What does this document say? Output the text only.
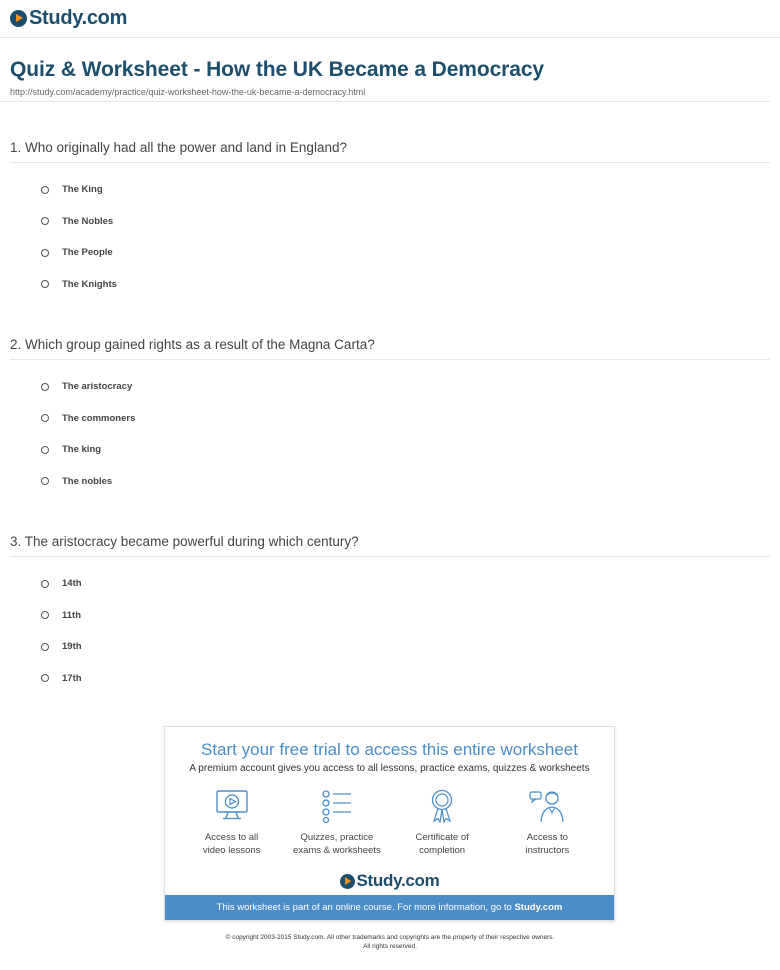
Study.com
Quiz & Worksheet - How the UK Became a Democracy
http://study.com/academy/practice/quiz-worksheet-how-the-uk-became-a-democracy.html
1. Who originally had all the power and land in England?
The King
The Nobles
The People
The Knights
2. Which group gained rights as a result of the Magna Carta?
The aristocracy
The commoners
The king
The nobles
3. The aristocracy became powerful during which century?
14th
11th
19th
17th
Start your free trial to access this entire worksheet
A premium account gives you access to all lessons, practice exams, quizzes & worksheets
Access to all
video lessons
Quizzes, practice
exams & worksheets
Certificate of
completion
Access to
instructors
Study.com
This worksheet is part of an online course. For more information, go to Study.com
© copyright 2003-2015 Study.com. All other trademarks and copyrights are the property of their respective owners.
All rights reserved.
